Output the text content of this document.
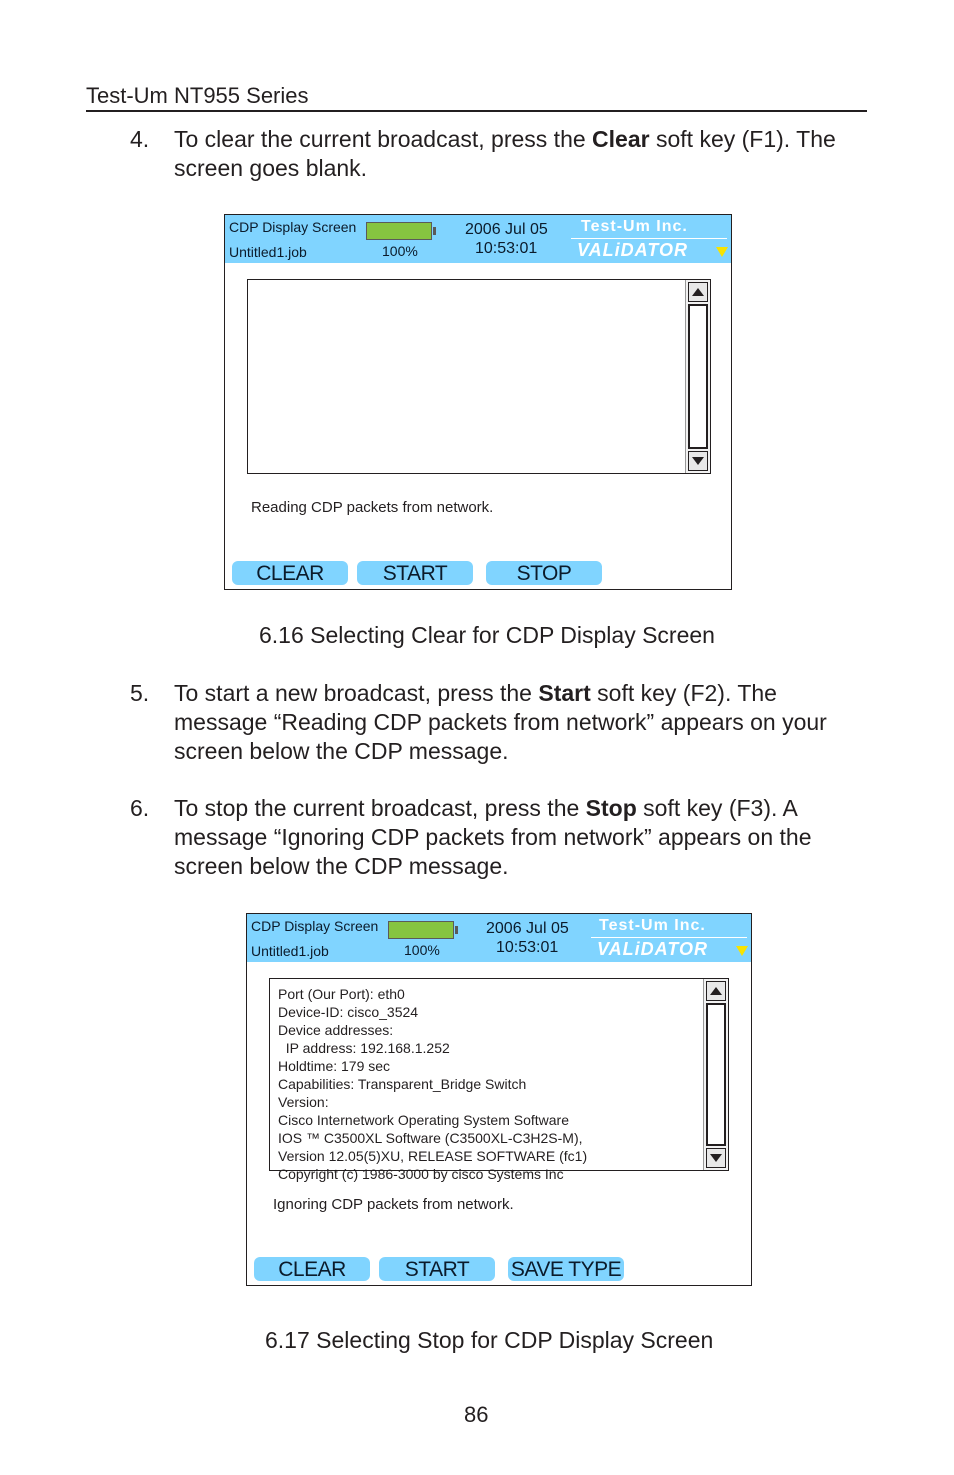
Test-Um NT955 Series
4. To clear the current broadcast, press the Clear soft key (F1). The screen goes blank.
CDP Display Screen
Untitled1.job	100%
2006 Jul 05
10:53:01
Test-Um Inc.
VALiDATOR
Reading CDP packets from network.
CLEAR	START	STOP
6.16 Selecting Clear for CDP Display Screen
5. To start a new broadcast, press the Start soft key (F2). The message “Reading CDP packets from network” appears on your screen below the CDP message.
6. To stop the current broadcast, press the Stop soft key (F3). A message “Ignoring CDP packets from network” appears on the screen below the CDP message.
CDP Display Screen
Untitled1.job	100%
2006 Jul 05
10:53:01
Test-Um Inc.
VALiDATOR
Port (Our Port): eth0
Device-ID: cisco_3524
Device addresses:
IP address: 192.168.1.252
Holdtime: 179 sec
Capabilities: Transparent_Bridge Switch
Version:
Cisco Internetwork Operating System Software
IOS ™ C3500XL Software (C3500XL-C3H2S-M),
Version 12.05(5)XU, RELEASE SOFTWARE (fc1)
Copyright (c) 1986-3000 by cisco Systems Inc
Ignoring CDP packets from network.
CLEAR	START	SAVE TYPE
6.17 Selecting Stop for CDP Display Screen
86
